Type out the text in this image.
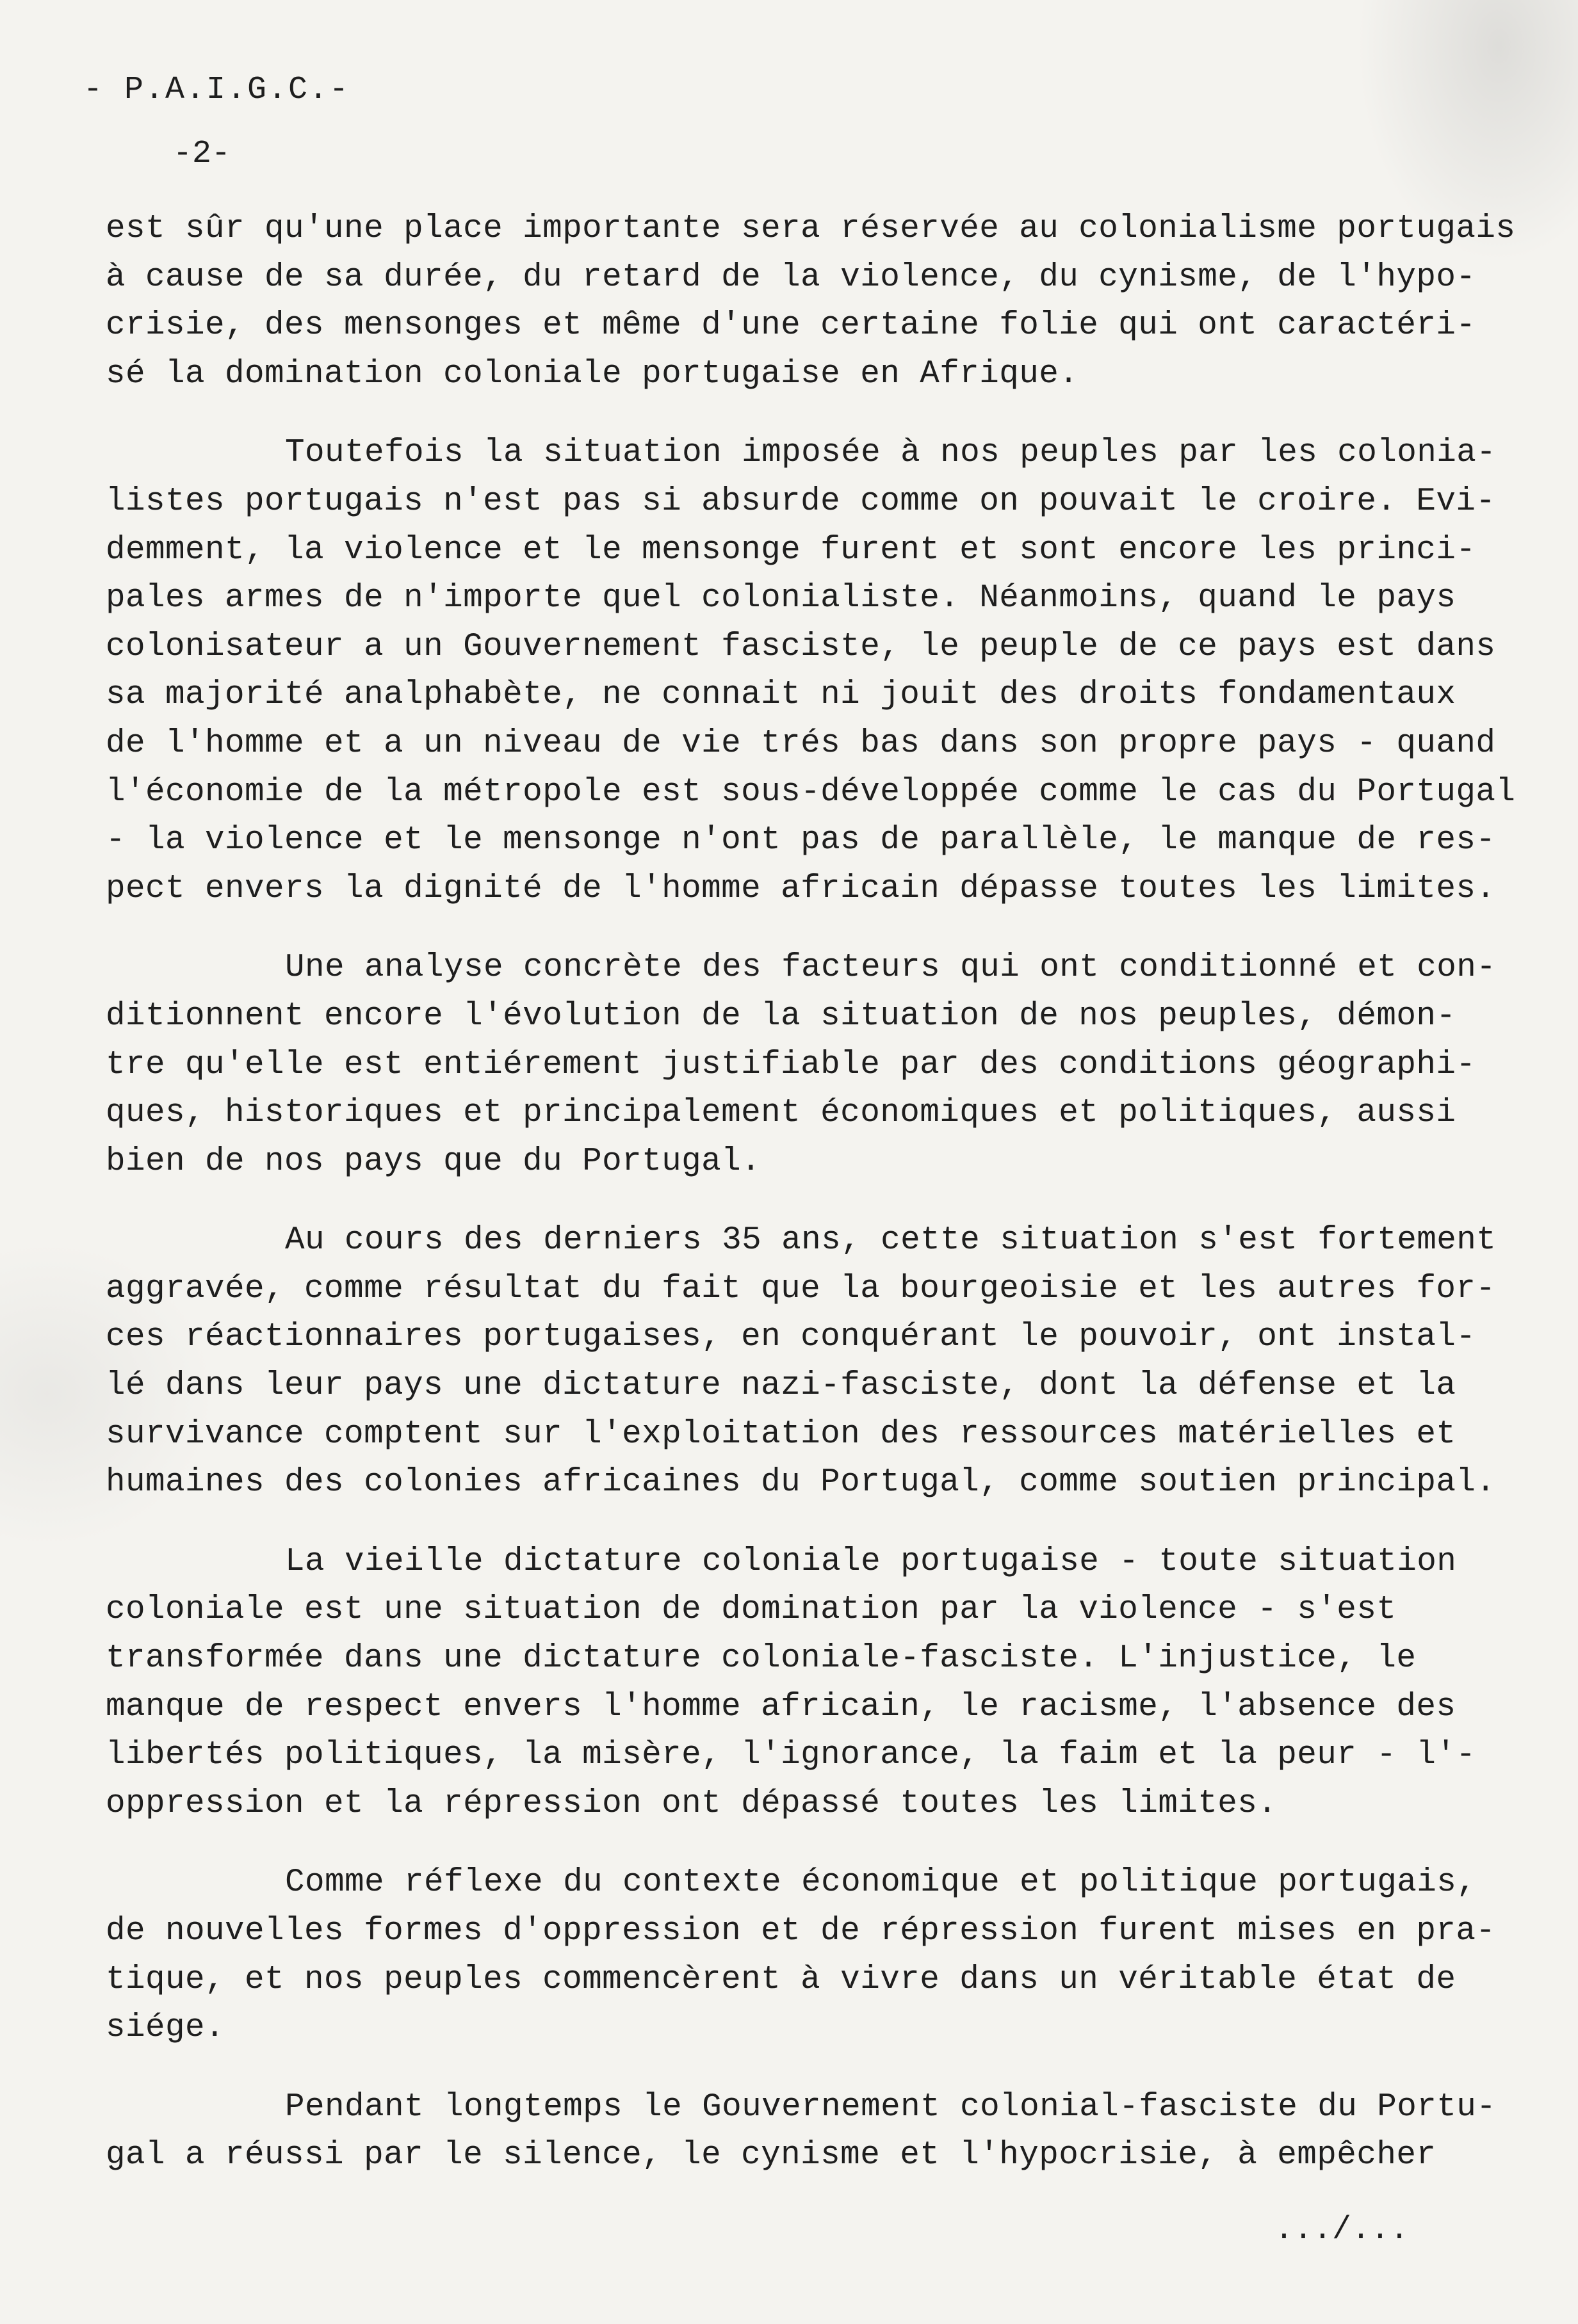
- P.A.I.G.C.-
-2-
est sûr qu'une place importante sera réservée au colonialisme portugais
à cause de sa durée, du retard de la violence, du cynisme, de l'hypo-
crisie, des mensonges et même d'une certaine folie qui ont caractéri-
sé la domination coloniale portugaise en Afrique.
Toutefois la situation imposée à nos peuples par les colonia-
listes portugais n'est pas si absurde comme on pouvait le croire. Evi-
demment, la violence et le mensonge furent et sont encore les princi-
pales armes de n'importe quel colonialiste. Néanmoins, quand le pays
colonisateur a un Gouvernement fasciste, le peuple de ce pays est dans
sa majorité analphabète, ne connait ni jouit des droits fondamentaux
de l'homme et a un niveau de vie trés bas dans son propre pays - quand
l'économie de la métropole est sous-développée comme le cas du Portugal
- la violence et le mensonge n'ont pas de parallèle, le manque de res-
pect envers la dignité de l'homme africain dépasse toutes les limites.
Une analyse concrète des facteurs qui ont conditionné et con-
ditionnent encore l'évolution de la situation de nos peuples, démon-
tre qu'elle est entiérement justifiable par des conditions géographi-
ques, historiques et principalement économiques et politiques, aussi
bien de nos pays que du Portugal.
Au cours des derniers 35 ans, cette situation s'est fortement
aggravée, comme résultat du fait que la bourgeoisie et les autres for-
ces réactionnaires portugaises, en conquérant le pouvoir, ont instal-
lé dans leur pays une dictature nazi-fasciste, dont la défense et la
survivance comptent sur l'exploitation des ressources matérielles et
humaines des colonies africaines du Portugal, comme soutien principal.
La vieille dictature coloniale portugaise - toute situation
coloniale est une situation de domination par la violence - s'est
transformée dans une dictature coloniale-fasciste. L'injustice, le
manque de respect envers l'homme africain, le racisme, l'absence des
libertés politiques, la misère, l'ignorance, la faim et la peur - l'-
oppression et la répression ont dépassé toutes les limites.
Comme réflexe du contexte économique et politique portugais,
de nouvelles formes d'oppression et de répression furent mises en pra-
tique, et nos peuples commencèrent à vivre dans un véritable état de
siége.
Pendant longtemps le Gouvernement colonial-fasciste du Portu-
gal a réussi par le silence, le cynisme et l'hypocrisie, à empêcher
.../...
